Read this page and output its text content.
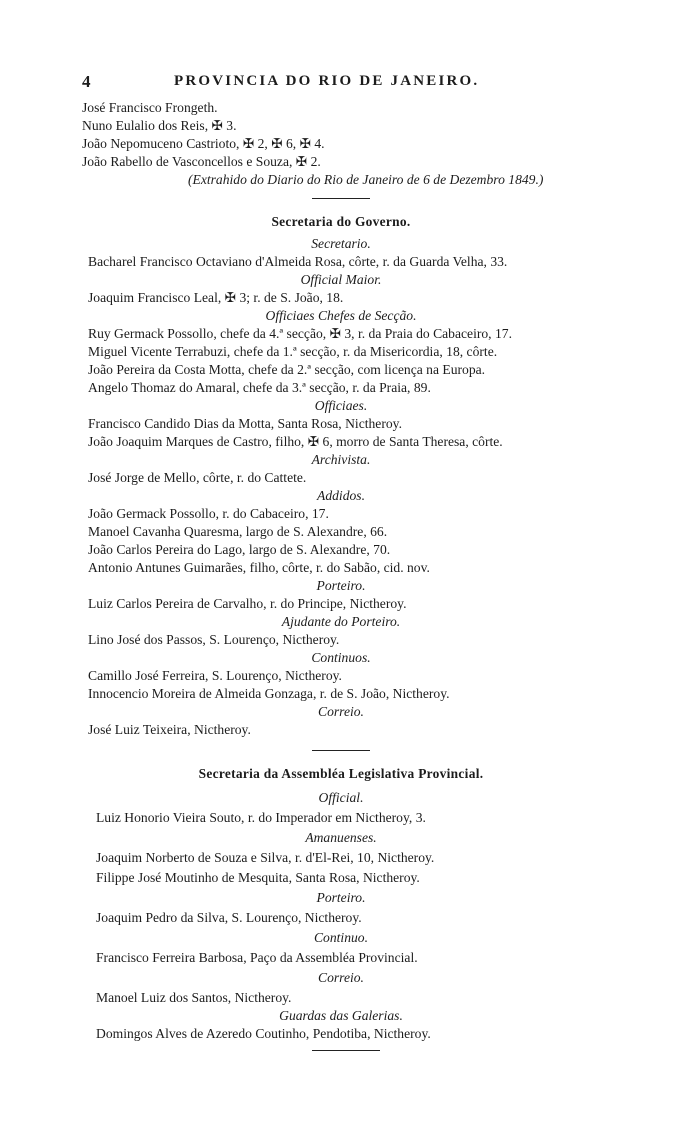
4	PROVINCIA DO RIO DE JANEIRO.
José Francisco Frongeth.
Nuno Eulalio dos Reis, ✠ 3.
João Nepomuceno Castrioto, ✠ 2, ✠ 6, ✠ 4.
João Rabello de Vasconcellos e Souza, ✠ 2.
(Extrahido do Diario do Rio de Janeiro de 6 de Dezembro 1849.)
Secretaria do Governo.
Secretario.
Bacharel Francisco Octaviano d'Almeida Rosa, côrte, r. da Guarda Velha, 33.
Official Maior.
Joaquim Francisco Leal, ✠ 3; r. de S. João, 18.
Officiaes Chefes de Secção.
Ruy Germack Possollo, chefe da 4.ª secção, ✠ 3, r. da Praia do Cabaceiro, 17.
Miguel Vicente Terrabuzi, chefe da 1.ª secção, r. da Misericordia, 18, côrte.
João Pereira da Costa Motta, chefe da 2.ª secção, com licença na Europa.
Angelo Thomaz do Amaral, chefe da 3.ª secção, r. da Praia, 89.
Officiaes.
Francisco Candido Dias da Motta, Santa Rosa, Nictheroy.
João Joaquim Marques de Castro, filho, ✠ 6, morro de Santa Theresa, côrte.
Archivista.
José Jorge de Mello, côrte, r. do Cattete.
Addidos.
João Germack Possollo, r. do Cabaceiro, 17.
Manoel Cavanha Quaresma, largo de S. Alexandre, 66.
João Carlos Pereira do Lago, largo de S. Alexandre, 70.
Antonio Antunes Guimarães, filho, côrte, r. do Sabão, cid. nov.
Porteiro.
Luiz Carlos Pereira de Carvalho, r. do Principe, Nictheroy.
Ajudante do Porteiro.
Lino José dos Passos, S. Lourenço, Nictheroy.
Continuos.
Camillo José Ferreira, S. Lourenço, Nictheroy.
Innocencio Moreira de Almeida Gonzaga, r. de S. João, Nictheroy.
Correio.
José Luiz Teixeira, Nictheroy.
Secretaria da Assembléa Legislativa Provincial.
Official.
Luiz Honorio Vieira Souto, r. do Imperador em Nictheroy, 3.
Amanuenses.
Joaquim Norberto de Souza e Silva, r. d'El-Rei, 10, Nictheroy.
Filippe José Moutinho de Mesquita, Santa Rosa, Nictheroy.
Porteiro.
Joaquim Pedro da Silva, S. Lourenço, Nictheroy.
Continuo.
Francisco Ferreira Barbosa, Paço da Assembléa Provincial.
Correio.
Manoel Luiz dos Santos, Nictheroy.
Guardas das Galerias.
Domingos Alves de Azeredo Coutinho, Pendotiba, Nictheroy.
